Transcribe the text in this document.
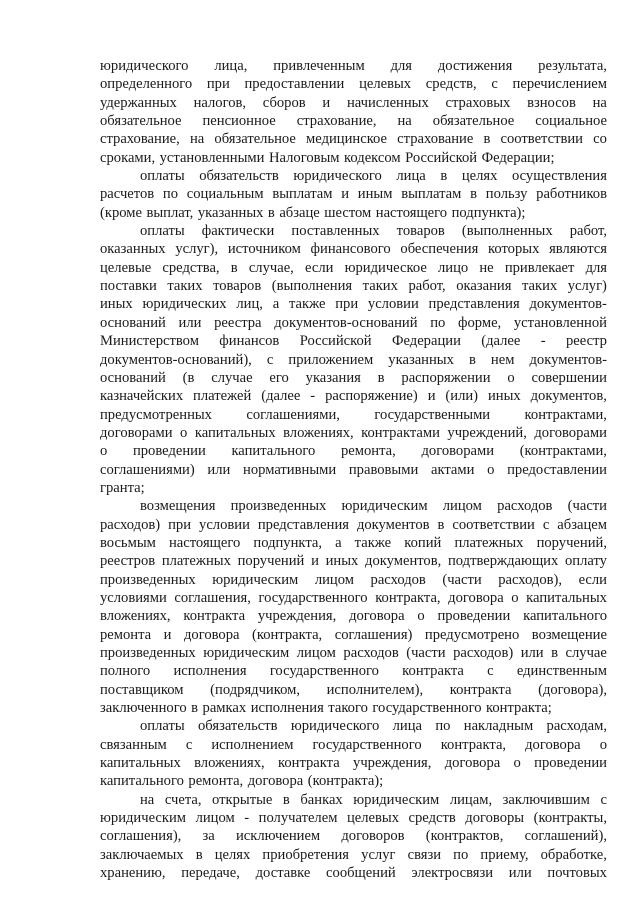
юридического лица, привлеченным для достижения результата,
определенного при предоставлении целевых средств, с перечислением
удержанных налогов, сборов и начисленных страховых взносов на
обязательное пенсионное страхование, на обязательное социальное
страхование, на обязательное медицинское страхование в соответствии со
сроками, установленными Налоговым кодексом Российской Федерации;
оплаты обязательств юридического лица в целях осуществления
расчетов по социальным выплатам и иным выплатам в пользу работников
(кроме выплат, указанных в абзаце шестом настоящего подпункта);
оплаты фактически поставленных товаров (выполненных работ,
оказанных услуг), источником финансового обеспечения которых являются
целевые средства, в случае, если юридическое лицо не привлекает для
поставки таких товаров (выполнения таких работ, оказания таких услуг)
иных юридических лиц, а также при условии представления документов-
оснований или реестра документов-оснований по форме, установленной
Министерством финансов Российской Федерации (далее - реестр
документов-оснований), с приложением указанных в нем документов-
оснований (в случае его указания в распоряжении о совершении
казначейских платежей (далее - распоряжение) и (или) иных документов,
предусмотренных соглашениями, государственными контрактами,
договорами о капитальных вложениях, контрактами учреждений, договорами
о проведении капитального ремонта, договорами (контрактами,
соглашениями) или нормативными правовыми актами о предоставлении
гранта;
возмещения произведенных юридическим лицом расходов (части
расходов) при условии представления документов в соответствии с абзацем
восьмым настоящего подпункта, а также копий платежных поручений,
реестров платежных поручений и иных документов, подтверждающих оплату
произведенных юридическим лицом расходов (части расходов), если
условиями соглашения, государственного контракта, договора о капитальных
вложениях, контракта учреждения, договора о проведении капитального
ремонта и договора (контракта, соглашения) предусмотрено возмещение
произведенных юридическим лицом расходов (части расходов) или в случае
полного исполнения государственного контракта с единственным
поставщиком (подрядчиком, исполнителем), контракта (договора),
заключенного в рамках исполнения такого государственного контракта;
оплаты обязательств юридического лица по накладным расходам,
связанным с исполнением государственного контракта, договора о
капитальных вложениях, контракта учреждения, договора о проведении
капитального ремонта, договора (контракта);
на счета, открытые в банках юридическим лицам, заключившим с
юридическим лицом - получателем целевых средств договоры (контракты,
соглашения), за исключением договоров (контрактов, соглашений),
заключаемых в целях приобретения услуг связи по приему, обработке,
хранению, передаче, доставке сообщений электросвязи или почтовых
